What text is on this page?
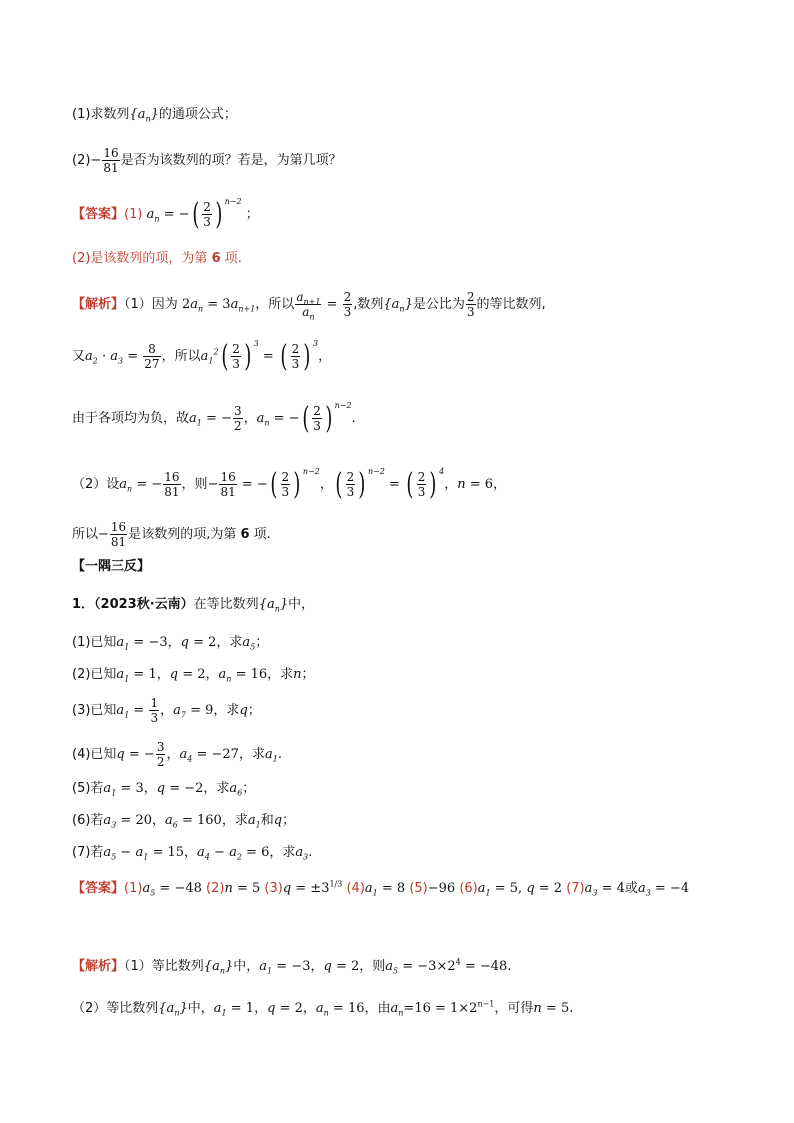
(1)求数列$\{a_n\}$的通项公式；
$(2)- \frac{16}{81}$ 是否为该数列的项？若是，为第几项？
【答案】(1) $a_n$ = −( $\frac{2}{3}$ ) $^{n-2}$ ；
(2)是该数列的项，为第 6 项.
【解析】（1）因为 $2a_n = 3a_{n+1}$，所以 $\frac{a_{n+1}}{a_n} = \frac{2}{3}$ ,数列$\{a_n\}$是公比为 $\frac{2}{3}$ 的等比数列,
又$a_2 \cdot a_3 = \frac{8}{27}$ ，所以$a_1^2( \frac{2}{3}$ ) $^3$ = ( $\frac{2}{3}$ ) $^3$，
由于各项均为负，故$a_1$ = − $\frac{3}{2}$ ，$a_n$ = −( $\frac{2}{3}$ ) $^{n-2}$.
（2）设$a_n$ = − $\frac{16}{81}$ ，则− $\frac{16}{81}$ = −( $\frac{2}{3}$ ) $^{n-2}$，( $\frac{2}{3}$ ) $^{n-2}$ = ( $\frac{2}{3}$ ) $^4$，n = 6，
所以− $\frac{16}{81}$ 是该数列的项,为第 6 项.
【一隅三反】
1．（2023秋·云南）在等比数列$\{a_n\}$中，
(1)已知$a_1 = -3$，q = 2，求$a_5$；
(2)已知$a_1 = 1$，q = 2，$a_n = 16$，求n；
(3)已知$a_1 = \frac{1}{3}$ ，$a_7 = 9$，求q；
(4)已知q = − $\frac{3}{2}$ ，$a_4 = -27$，求$a_1$.
(5)若$a_1 = 3$，q = −2，求$a_6$；
(6)若$a_3 = 20$，$a_6 = 160$，求$a_1$和q；
(7)若$a_5 - a_1 = 15$，$a_4 - a_2 = 6$，求$a_3$.
【答案】$(1)a_5 = -48$ (2)n = 5 $(3)q = \pm 3^{1/3}$ $(4)a_1 = 8$ (5)−96 $(6)a_1 = 5$, q = 2 $(7)a_3 = 4$或$a_3 = -4$
【解析】（1）等比数列$\{a_n\}$中，$a_1 = -3$，q = 2，则$a_5 = -3\times 2^4 = -48$.
（2）等比数列$\{a_n\}$中，$a_1 = 1$，q = 2，$a_n = 16$，由$a_n=16 = 1\times 2^{n-1}$，可得n = 5.
